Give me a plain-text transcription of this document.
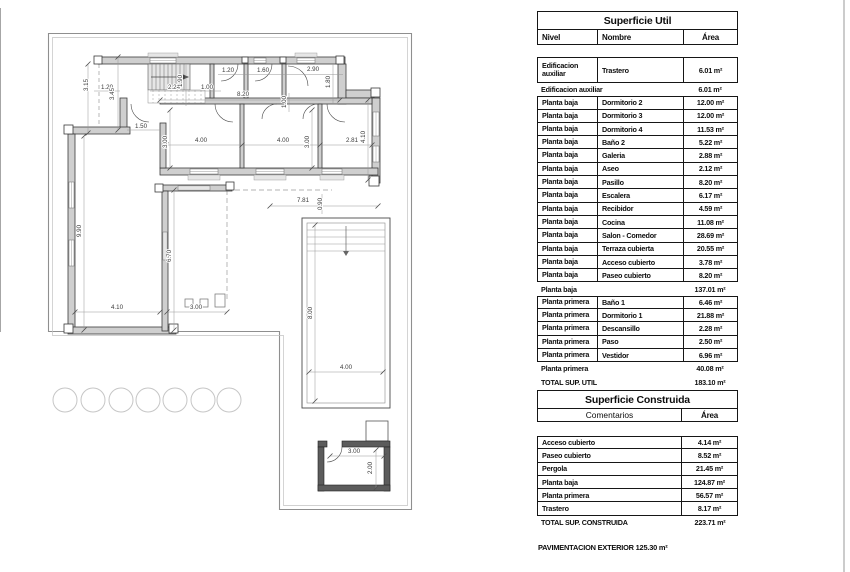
3.15 1.20
3.45
2.24
1.90
1.00
1.20	1.60	2.90
1.80
8.20
1.00
1.50
3.00	4.00	4.00 3.00	2.81 4.10
9.90
6.70
7.81 0.90
4.10	3.00	8.00
4.00
3.00
2.00
Superficie Util
Nivel	Nombre	Área
Edificacion auxiliar	Trastero	6.01 m²
Edificacion auxiliar	6.01 m²
Planta baja	Dormitorio 2	12.00 m²
Planta baja	Dormitorio 3	12.00 m²
Planta baja	Dormitorio 4	11.53 m²
Planta baja	Baño 2	5.22 m²
Planta baja	Galeria	2.88 m²
Planta baja	Aseo	2.12 m²
Planta baja	Pasillo	8.20 m²
Planta baja	Escalera	6.17 m²
Planta baja	Recibidor	4.59 m²
Planta baja	Cocina	11.08 m²
Planta baja	Salon - Comedor	28.69 m²
Planta baja	Terraza cubierta	20.55 m²
Planta baja	Acceso cubierto	3.78 m²
Planta baja	Paseo cubierto	8.20 m²
Planta baja	137.01 m²
Planta primera	Baño 1	6.46 m²
Planta primera	Dormitorio 1	21.88 m²
Planta primera	Descansillo	2.28 m²
Planta primera	Paso	2.50 m²
Planta primera	Vestidor	6.96 m²
Planta primera	40.08 m²
TOTAL SUP. UTIL	183.10 m²
Superficie Construida
Comentarios	Área
Acceso cubierto	4.14 m²
Paseo cubierto	8.52 m²
Pergola	21.45 m²
Planta baja	124.87 m²
Planta primera	56.57 m²
Trastero	8.17 m²
TOTAL SUP. CONSTRUIDA	223.71 m²
PAVIMENTACION EXTERIOR 125.30 m²
